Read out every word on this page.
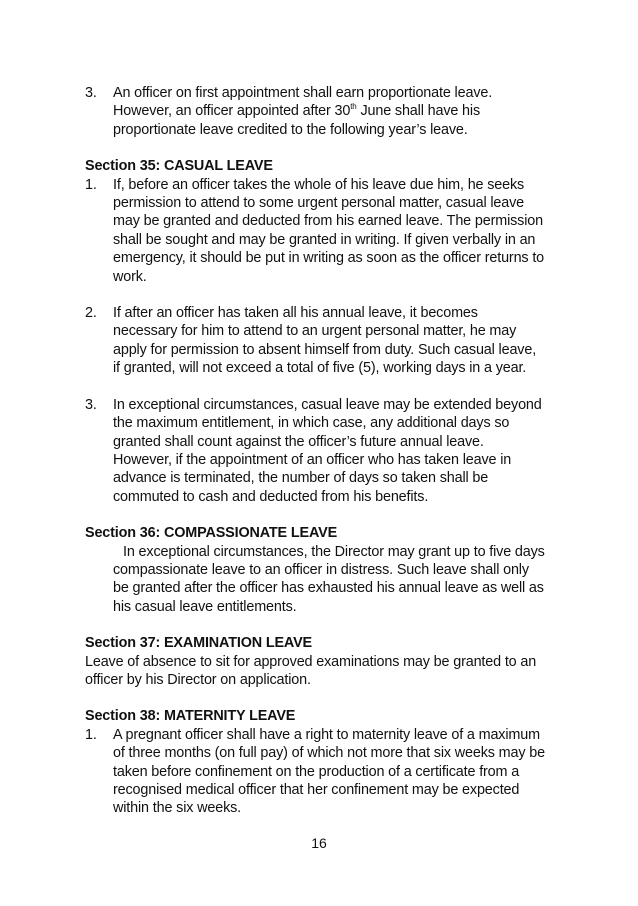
3. An officer on first appointment shall earn proportionate leave. However, an officer appointed after 30th June shall have his proportionate leave credited to the following year’s leave.

Section 35: CASUAL LEAVE

1. If, before an officer takes the whole of his leave due him, he seeks permission to attend to some urgent personal matter, casual leave may be granted and deducted from his earned leave. The permission shall be sought and may be granted in writing. If given verbally in an emergency, it should be put in writing as soon as the officer returns to work.

2. If after an officer has taken all his annual leave, it becomes necessary for him to attend to an urgent personal matter, he may apply for permission to absent himself from duty. Such casual leave, if granted, will not exceed a total of five (5), working days in a year.

3. In exceptional circumstances, casual leave may be extended beyond the maximum entitlement, in which case, any additional days so granted shall count against the officer’s future annual leave. However, if the appointment of an officer who has taken leave in advance is terminated, the number of days so taken shall be commuted to cash and deducted from his benefits.

Section 36: COMPASSIONATE LEAVE

In exceptional circumstances, the Director may grant up to five days compassionate leave to an officer in distress. Such leave shall only be granted after the officer has exhausted his annual leave as well as his casual leave entitlements.

Section 37: EXAMINATION LEAVE

Leave of absence to sit for approved examinations may be granted to an officer by his Director on application.

Section 38: MATERNITY LEAVE

1. A pregnant officer shall have a right to maternity leave of a maximum of three months (on full pay) of which not more that six weeks may be taken before confinement on the production of a certificate from a recognised medical officer that her confinement may be expected within the six weeks.

16
